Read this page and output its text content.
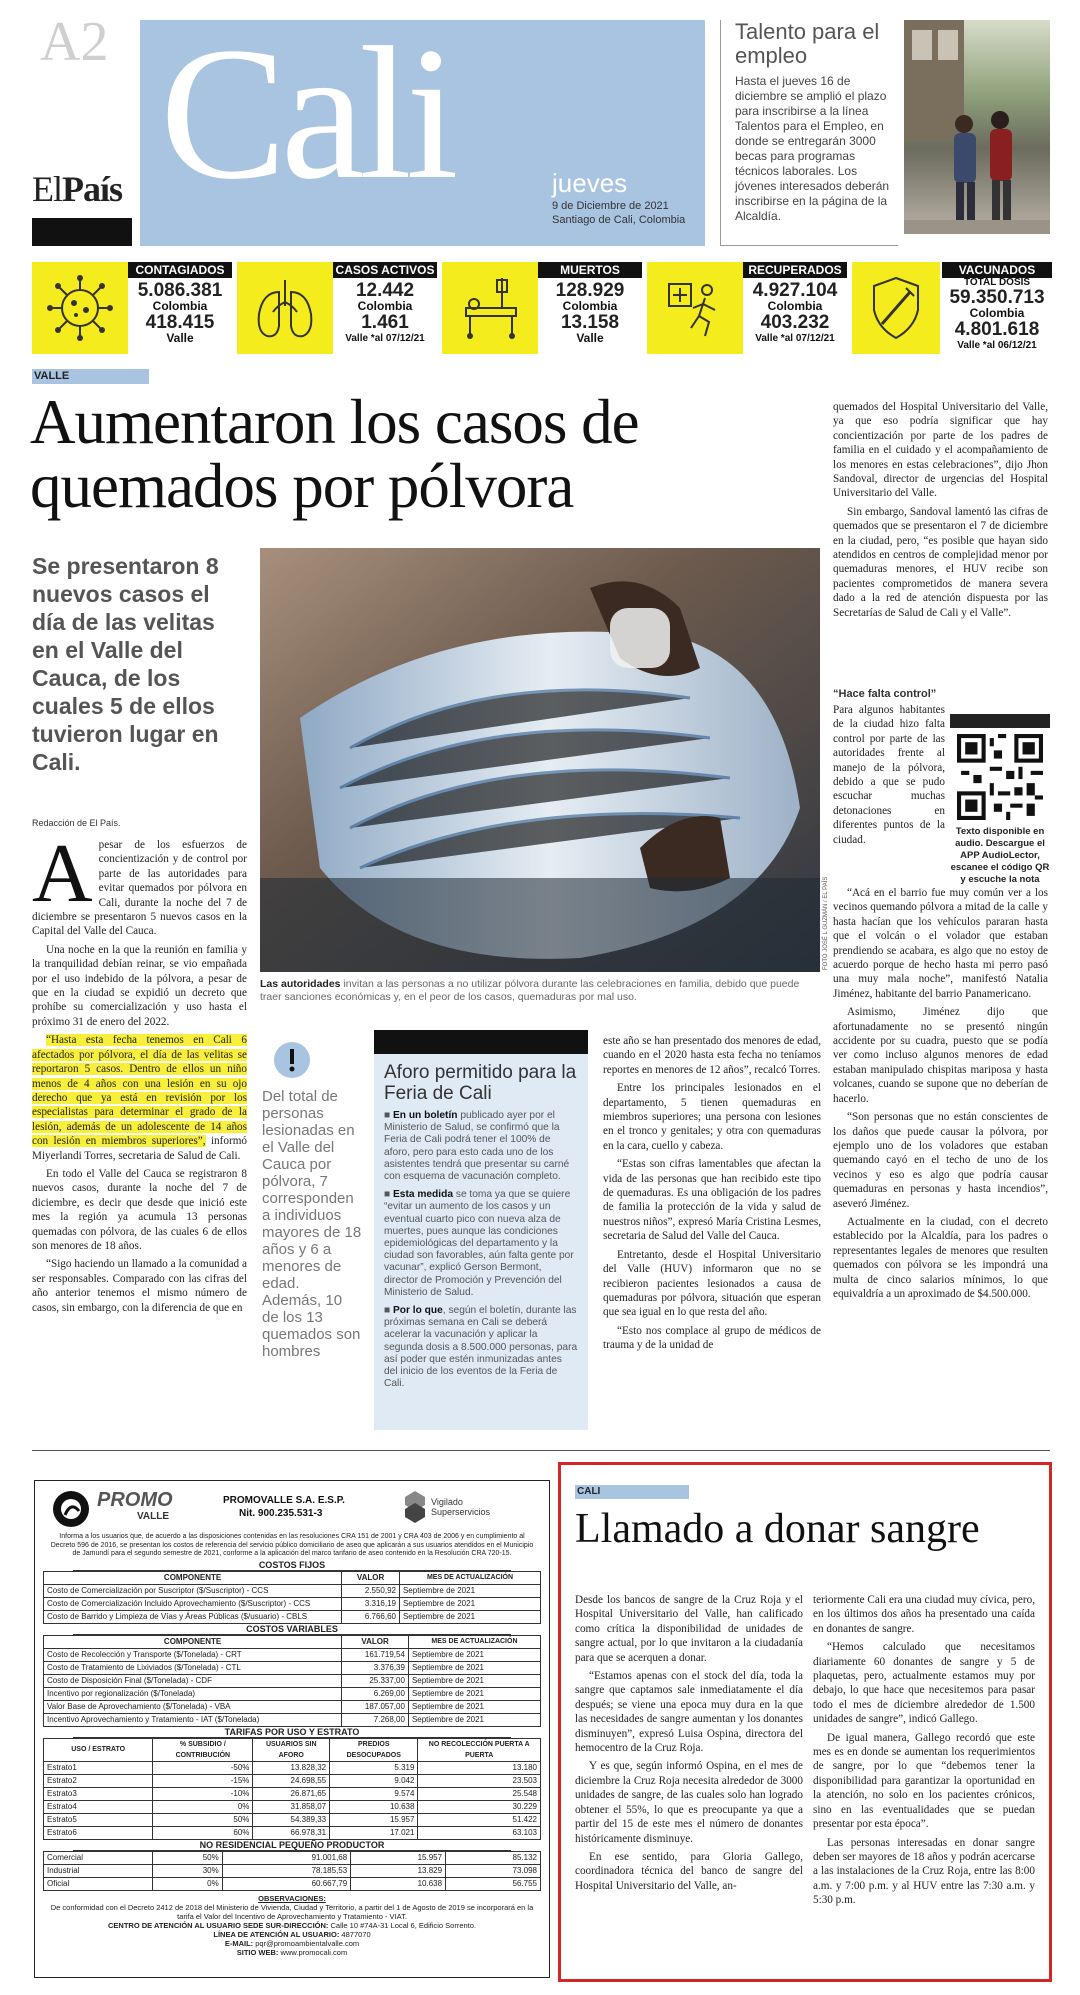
A2
ElPaís Cali	jueves
9 de Diciembre de 2021
Santiago de Cali, Colombia
Talento para el empleo
Hasta el jueves 16 de diciembre se amplió el plazo para inscribirse a la línea Talentos para el Empleo, en donde se entregarán 3000 becas para programas técnicos laborales. Los jóvenes interesados deberán inscribirse en la página de la Alcaldía.
CONTAGIADOS
5.086.381
Colombia
418.415
Valle
CASOS ACTIVOS
12.442
Colombia
1.461
Valle *al 07/12/21
MUERTOS
128.929
Colombia
13.158
Valle
RECUPERADOS
4.927.104
Colombia
403.232
Valle *al 07/12/21
VACUNADOS
TOTAL DOSIS
59.350.713
Colombia
4.801.618
Valle *al 06/12/21
VALLE
Aumentaron los casos de quemados por pólvora
Se presentaron 8 nuevos casos el día de las velitas en el Valle del Cauca, de los cuales 5 de ellos tuvieron lugar en Cali.
Redacción de El País.
A pesar de los esfuerzos de concientización y de control por parte de las autoridades para evitar quemados por pólvora en Cali, durante la noche del 7 de diciembre se presentaron 5 nuevos casos en la Capital del Valle del Cauca.

Una noche en la que la reunión en familia y la tranquilidad debían reinar, se vio empañada por el uso indebido de la pólvora, a pesar de que en la ciudad se expidió un decreto que prohíbe su comercialización y uso hasta el próximo 31 de enero del 2022.

“Hasta esta fecha tenemos en Cali 6 afectados por pólvora, el día de las velitas se reportaron 5 casos. Dentro de ellos un niño menos de 4 años con una lesión en su ojo derecho que ya está en revisión por los especialistas para determinar el grado de la lesión, además de un adolescente de 14 años con lesión en miembros superiores”, informó Miyerlandi Torres, secretaria de Salud de Cali.

En todo el Valle del Cauca se registraron 8 nuevos casos, durante la noche del 7 de diciembre, es decir que desde que inició este mes la región ya acumula 13 personas quemadas con pólvora, de las cuales 6 de ellos son menores de 18 años.

“Sigo haciendo un llamado a la comunidad a ser responsables. Comparado con las cifras del año anterior tenemos el mismo número de casos, sin embargo, con la diferencia de que en

FOTO JOSÉ L GUZMÁN / EL PAÍS
Las autoridades invitan a las personas a no utilizar pólvora durante las celebraciones en familia, debido que puede traer sanciones económicas y, en el peor de los casos, quemaduras por mal uso.
Del total de personas lesionadas en el Valle del Cauca por pólvora, 7 corresponden a individuos mayores de 18 años y 6 a menores de edad. Además, 10 de los 13 quemados son hombres
Aforo permitido para la Feria de Cali

■ En un boletín publicado ayer por el Ministerio de Salud, se confirmó que la Feria de Cali podrá tener el 100% de aforo, pero para esto cada uno de los asistentes tendrá que presentar su carné con esquema de vacunación completo.

■ Esta medida se toma ya que se quiere “evitar un aumento de los casos y un eventual cuarto pico con nueva alza de muertes, pues aunque las condiciones epidemiológicas del departamento y la ciudad son favorables, aún falta gente por vacunar”, explicó Gerson Bermont, director de Promoción y Prevención del Ministerio de Salud.

■ Por lo que, según el boletín, durante las próximas semana en Cali se deberá acelerar la vacunación y aplicar la segunda dosis a 8.500.000 personas, para así poder que estén inmunizadas antes del inicio de los eventos de la Feria de Cali.

este año se han presentado dos menores de edad, cuando en el 2020 hasta esta fecha no teníamos reportes en menores de 12 años”, recalcó Torres.

Entre los principales lesionados en el departamento, 5 tienen quemaduras en miembros superiores; una persona con lesiones en el tronco y genitales; y otra con quemaduras en la cara, cuello y cabeza.

“Estas son cifras lamentables que afectan la vida de las personas que han recibido este tipo de quemaduras. Es una obligación de los padres de familia la protección de la vida y salud de nuestros niños”, expresó María Cristina Lesmes, secretaria de Salud del Valle del Cauca.

Entretanto, desde el Hospital Universitario del Valle (HUV) informaron que no se recibieron pacientes lesionados a causa de quemaduras por pólvora, situación que esperan que sea igual en lo que resta del año.

“Esto nos complace al grupo de médicos de trauma y de la unidad de

quemados del Hospital Universitario del Valle, ya que eso podría significar que hay concientización por parte de los padres de familia en el cuidado y el acompañamiento de los menores en estas celebraciones”, dijo Jhon Sandoval, director de urgencias del Hospital Universitario del Valle.

Sin embargo, Sandoval lamentó las cifras de quemados que se presentaron el 7 de diciembre en la ciudad, pero, “es posible que hayan sido atendidos en centros de complejidad menor por quemaduras menores, el HUV recibe son pacientes comprometidos de manera severa dado a la red de atención dispuesta por las Secretarías de Salud de Cali y el Valle”.

“Hace falta control”

Para algunos habitantes de la ciudad hizo falta control por parte de las autoridades frente al manejo de la pólvora, debido a que se pudo escuchar muchas detonaciones en diferentes puntos de la ciudad.

Texto disponible en audio. Descargue el APP AudioLector, escanee el código QR y escuche la nota

“Acá en el barrio fue muy común ver a los vecinos quemando pólvora a mitad de la calle y hasta hacían que los vehículos pararan hasta que el volcán o el volador que estaban prendiendo se acabara, es algo que no estoy de acuerdo porque de hecho hasta mi perro pasó una muy mala noche”, manifestó Natalia Jiménez, habitante del barrio Panamericano.

Asimismo, Jiménez dijo que afortunadamente no se presentó ningún accidente por su cuadra, puesto que se podía ver como incluso algunos menores de edad estaban manipulado chispitas mariposa y hasta volcanes, cuando se supone que no deberían de hacerlo.

“Son personas que no están conscientes de los daños que puede causar la pólvora, por ejemplo uno de los voladores que estaban quemando cayó en el techo de uno de los vecinos y eso es algo que podría causar quemaduras en personas y hasta incendios”, aseveró Jiménez.

Actualmente en la ciudad, con el decreto establecido por la Alcaldía, para los padres o representantes legales de menores que resulten quemados con pólvora se les impondrá una multa de cinco salarios mínimos, lo que equivaldría a un aproximado de $4.500.000.

PROMO
VALLE
PROMOVALLE S.A. E.S.P.
Nit. 900.235.531-3
Vigilado Superservicios
Informa a los usuarios que, de acuerdo a las disposiciones contenidas en las resoluciones CRA 151 de 2001 y CRA 403 de 2006 y en cumplimiento al Decreto 596 de 2016, se presentan los costos de referencia del servicio público domiciliario de aseo que aplicarán a sus usuarios atendidos en el Municipio de Jamundí para el segundo semestre de 2021, conforme a la aplicación del marco tarifario de aseo contenido en la Resolución CRA 720-15.
COSTOS FIJOS
COMPONENTE	VALOR	MES DE ACTUALIZACIÓN
Costo de Comercialización por Suscriptor ($/Suscriptor) - CCS	2.550,92	Septiembre de 2021
Costo de Comercialización Incluido Aprovechamiento ($/Suscriptor) - CCS	3.316,19	Septiembre de 2021
Costo de Barrido y Limpieza de Vías y Áreas Públicas ($/usuario) - CBLS	6.766,60	Septiembre de 2021
COSTOS VARIABLES
COMPONENTE	VALOR	MES DE ACTUALIZACIÓN
Costo de Recolección y Transporte ($/Tonelada) - CRT	161.719,54	Septiembre de 2021
Costo de Tratamiento de Lixiviados ($/Tonelada) - CTL	3.376,39	Septiembre de 2021
Costo de Disposición Final ($/Tonelada) - CDF	25.337,00	Septiembre de 2021
Incentivo por regionalización ($/Tonelada)	6.269,00	Septiembre de 2021
Valor Base de Aprovechamiento ($/Tonelada) - VBA	187.057,00	Septiembre de 2021
Incentivo Aprovechamiento y Tratamiento - IAT ($/Tonelada)	7.268,00	Septiembre de 2021
TARIFAS POR USO Y ESTRATO
USO / ESTRATO	% SUBSIDIO / CONTRIBUCIÓN	USUARIOS SIN AFORO	PREDIOS DESOCUPADOS	NO RECOLECCIÓN PUERTA A PUERTA
Estrato1	-50%	13.828,32	5.319	13.180
Estrato2	-15%	24.698,55	9.042	23.503
Estrato3	-10%	26.871,65	9.574	25.548
Estrato4	0%	31.858,07	10.638	30.229
Estrato5	50%	54.389,33	15.957	51.422
Estrato6	60%	66.978,31	17.021	63.103
NO RESIDENCIAL PEQUEÑO PRODUCTOR
Comercial	50%	91.001,68	15.957	85.132
Industrial	30%	78.185,53	13.829	73.098
Oficial	0%	60.667,79	10.638	56.755
OBSERVACIONES:
De conformidad con el Decreto 2412 de 2018 del Ministerio de Vivienda, Ciudad y Territorio, a partir del 1 de Agosto de 2019 se incorporará en la tarifa el Valor del Incentivo de Aprovechamiento y Tratamiento - VIAT.
CENTRO DE ATENCIÓN AL USUARIO SEDE SUR-DIRECCIÓN: Calle 10 #74A-31 Local 6, Edificio Sorrento.
LÍNEA DE ATENCIÓN AL USUARIO: 4877070
E-MAIL: pqr@promoambientalvalle.com
SITIO WEB: www.promocali.com
CALI
Llamado a donar sangre

Desde los bancos de sangre de la Cruz Roja y el Hospital Universitario del Valle, han calificado como crítica la disponibilidad de unidades de sangre actual, por lo que invitaron a la ciudadanía para que se acerquen a donar.

“Estamos apenas con el stock del día, toda la sangre que captamos sale inmediatamente el día después; se viene una epoca muy dura en la que las necesidades de sangre aumentan y los donantes disminuyen”, expresó Luisa Ospina, directora del hemocentro de la Cruz Roja.

Y es que, según informó Ospina, en el mes de diciembre la Cruz Roja necesita alrededor de 3000 unidades de sangre, de las cuales solo han logrado obtener el 55%, lo que es preocupante ya que a partir del 15 de este mes el número de donantes históricamente disminuye.

En ese sentido, para Gloria Gallego, coordinadora técnica del banco de sangre del Hospital Universitario del Valle, an-

teriormente Cali era una ciudad muy cívica, pero, en los últimos dos años ha presentado una caída en donantes de sangre.

“Hemos calculado que necesitamos diariamente 60 donantes de sangre y 5 de plaquetas, pero, actualmente estamos muy por debajo, lo que hace que necesitemos para pasar todo el mes de diciembre alrededor de 1.500 unidades de sangre”, indicó Gallego.

De igual manera, Gallego recordó que este mes es en donde se aumentan los requerimientos de sangre, por lo que “debemos tener la disponibilidad para garantizar la oportunidad en la atención, no solo en los pacientes crónicos, sino en las eventualidades que se puedan presentar por esta época”.

Las personas interesadas en donar sangre deben ser mayores de 18 años y podrán acercarse a las instalaciones de la Cruz Roja, entre las 8:00 a.m. y 7:00 p.m. y al HUV entre las 7:30 a.m. y 5:30 p.m.
